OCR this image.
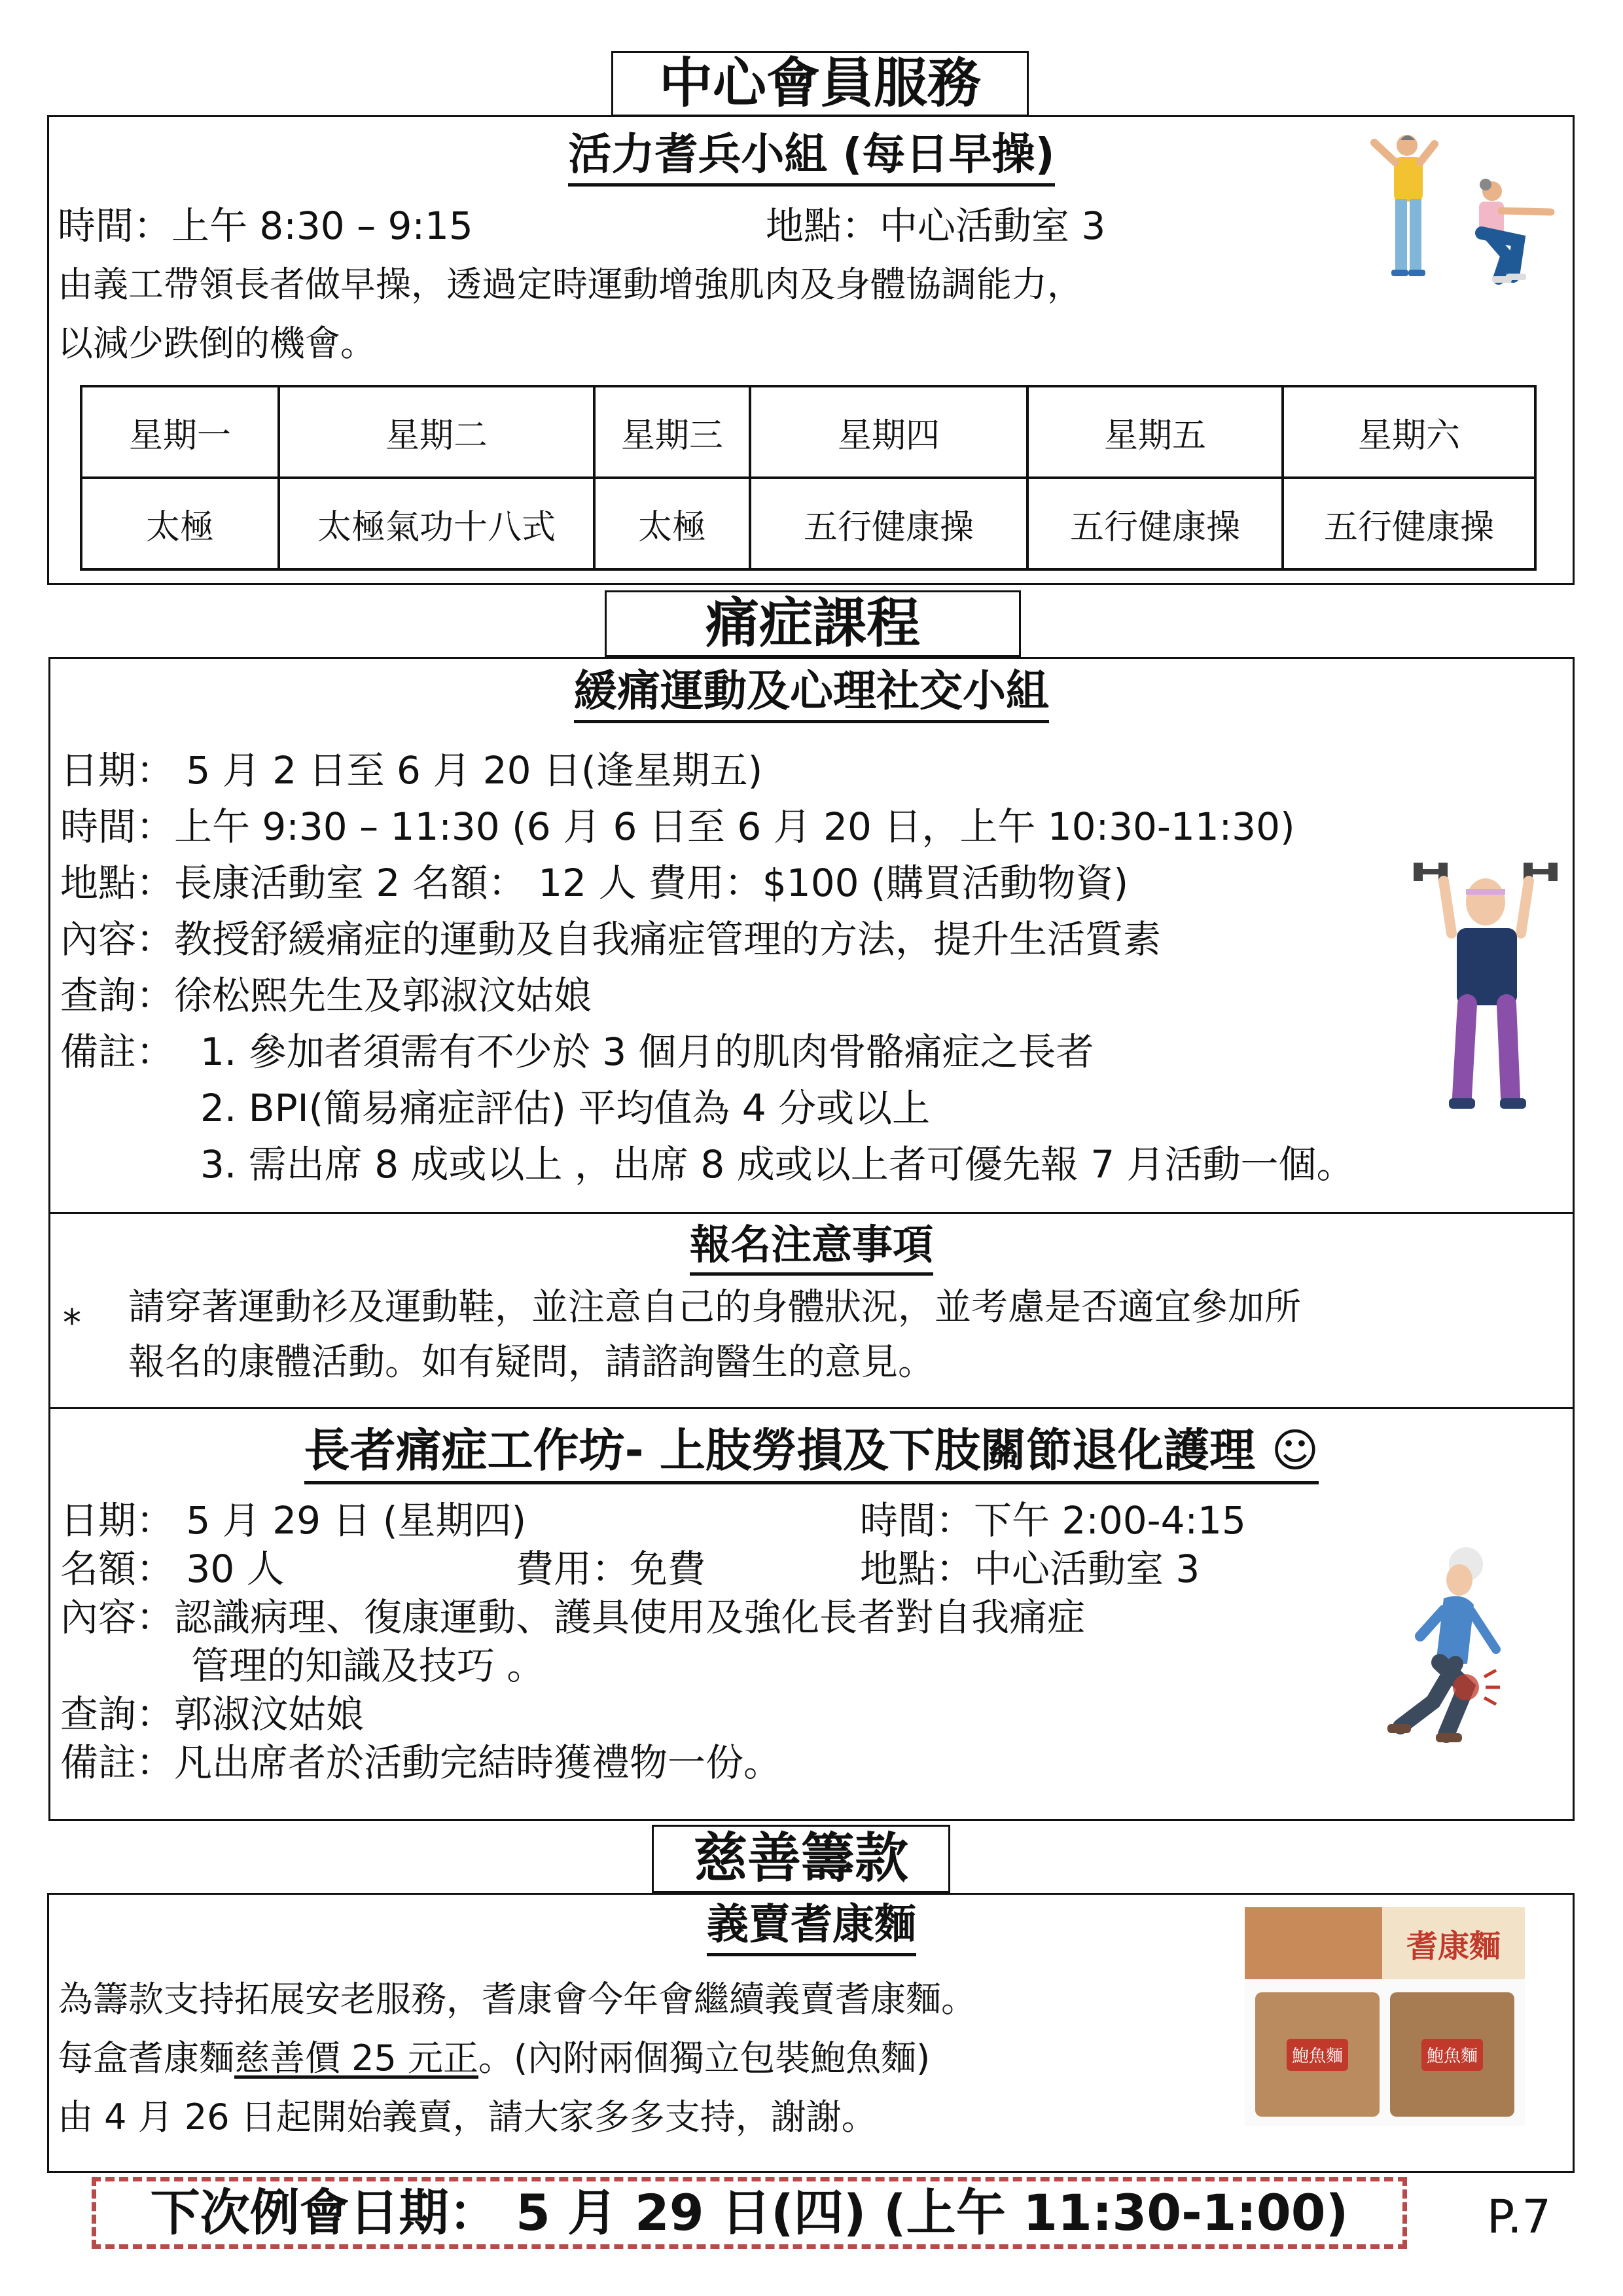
中心會員服務
活力耆兵小組 (每日早操)
時間：上午 8:30 – 9:15	地點：中心活動室 3
由義工帶領長者做早操，透過定時運動增強肌肉及身體協調能力，
以減少跌倒的機會。
星期一	星期二	星期三	星期四	星期五	星期六
太極	太極氣功十八式	太極	五行健康操	五行健康操	五行健康操
痛症課程
緩痛運動及心理社交小組
日期： 5 月 2 日至 6 月 20 日(逢星期五)
時間：上午 9:30 – 11:30 (6 月 6 日至 6 月 20 日，上午 10:30-11:30)
地點：長康活動室 2 名額： 12 人 費用：$100 (購買活動物資)
內容：教授舒緩痛症的運動及自我痛症管理的方法，提升生活質素
查詢：徐松熙先生及郭淑汶姑娘
備註： 1. 參加者須需有不少於 3 個月的肌肉骨骼痛症之長者
2. BPI(簡易痛症評估) 平均值為 4 分或以上
3. 需出席 8 成或以上 ，出席 8 成或以上者可優先報 7 月活動一個。
報名注意事項
* 請穿著運動衫及運動鞋，並注意自己的身體狀況，並考慮是否適宜參加所
報名的康體活動。如有疑問，請諮詢醫生的意見。
長者痛症工作坊- 上肢勞損及下肢關節退化護理 ☺
日期： 5 月 29 日 (星期四)	時間：下午 2:00-4:15
名額： 30 人	費用：免費	地點：中心活動室 3
內容：認識病理、復康運動、護具使用及強化長者對自我痛症
管理的知識及技巧 。
查詢：郭淑汶姑娘
備註：凡出席者於活動完結時獲禮物一份。
慈善籌款
義賣耆康麵
為籌款支持拓展安老服務，耆康會今年會繼續義賣耆康麵。
每盒耆康麵慈善價 25 元正。(內附兩個獨立包裝鮑魚麵)
由 4 月 26 日起開始義賣，請大家多多支持，謝謝。
耆康麵
鮑魚麵	鮑魚麵
下次例會日期： 5 月 29 日(四) (上午 11:30-1:00)	P.7
